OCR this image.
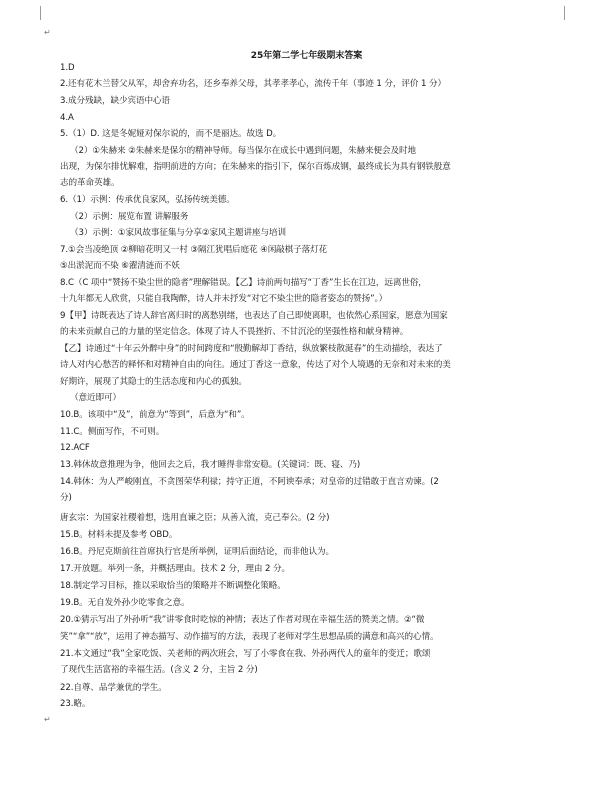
↵
↵
25年第二学七年级期末答案
1.D
2.还有花木兰替父从军，却舍弃功名，还乡奉养父母，其孝孝孝心，流传千年（事迹 1 分，评价 1 分）
3.成分残缺，缺少宾语中心语
4.A
5.（1）D. 这是冬妮娅对保尔说的，而不是丽达。故选 D。
（2）①朱赫来 ②朱赫来是保尔的精神导师。每当保尔在成长中遇到问题，朱赫来便会及时地
出现，为保尔排忧解难，指明前进的方向；在朱赫来的指引下，保尔百炼成钢，最终成长为具有钢铁般意
志的革命英雄。
6.（1）示例：传承优良家风，弘扬传统美德。
（2）示例：展览布置 讲解服务
（3）示例：①家风故事征集与分享②家风主题讲座与培训
7.①会当凌绝顶 ②柳暗花明又一村 ③隔江犹唱后庭花 ④闲敲棋子落灯花
⑤出淤泥而不染 ⑥濯清涟而不妖
8.C（C 项中“赞扬不染尘世的隐者”理解错误。【乙】诗前两句描写“丁香”生长在江边，远离世俗，
十九年都无人欣赏，只能自我陶醉，诗人并未抒发“对它不染尘世的隐者姿态的赞扬”。）
9【甲】诗既表达了诗人辞官离归时的离愁别绪，也表达了自己即使离职，也依然心系国家，愿意为国家
的未来贡献自己的力量的坚定信念。体现了诗人不畏挫折、不甘沉沦的坚强性格和献身精神。
【乙】诗通过“十年云外醉中身”的时间跨度和“殷勤解却丁香结，纵放繁枝散涎春”的生动描绘，表达了
诗人对内心愁苦的释怀和对精神自由的向往。通过丁香这一意象，传达了对个人境遇的无奈和对未来的美
好期许，展现了其隐士的生活态度和内心的孤独。
（意近即可）
10.B。该项中“及”，前意为“等到”，后意为“和”。
11.C。侧面写作，不可则。
12.ACF
13.韩休故意推理为争，他回去之后，我才睡得非常安稳。(关键词：既、寝、乃)
14.韩休：为人严峻刚直，不贪图荣华利禄；持守正道，不阿谀奉承；对皇帝的过错敢于直言劝谏。(2
分)
唐玄宗：为国家社稷着想，选用直谏之臣；从善入流，克己奉公。(2 分)
15.B。材料未提及参考 OBD。
16.B。丹尼克斯前往首席执行官是所举例，证明后面结论，而非他认为。
17.开放题。举列一条，并概括理由。技术 2 分，理由 2 分。
18.制定学习目标，推以采取恰当的策略并不断调整化策略。
19.B。无自发外孙少吃零食之意。
20.①猜示写出了外孙听“我”讲零食时吃惊的神情；表达了作者对现在幸福生活的赞美之情。②“微
笑”“拿”“放”，运用了神态描写、动作描写的方法，表现了老师对学生思想品质的满意和高兴的心情。
21.本文通过“我”全家吃饭、关老师的两次班会，写了小零食在我、外孙两代人的童年的变迁；歌颂
了现代生活富裕的幸福生活。(含义 2 分，主旨 2 分)
22.自尊、品学兼优的学生。
23.略。
